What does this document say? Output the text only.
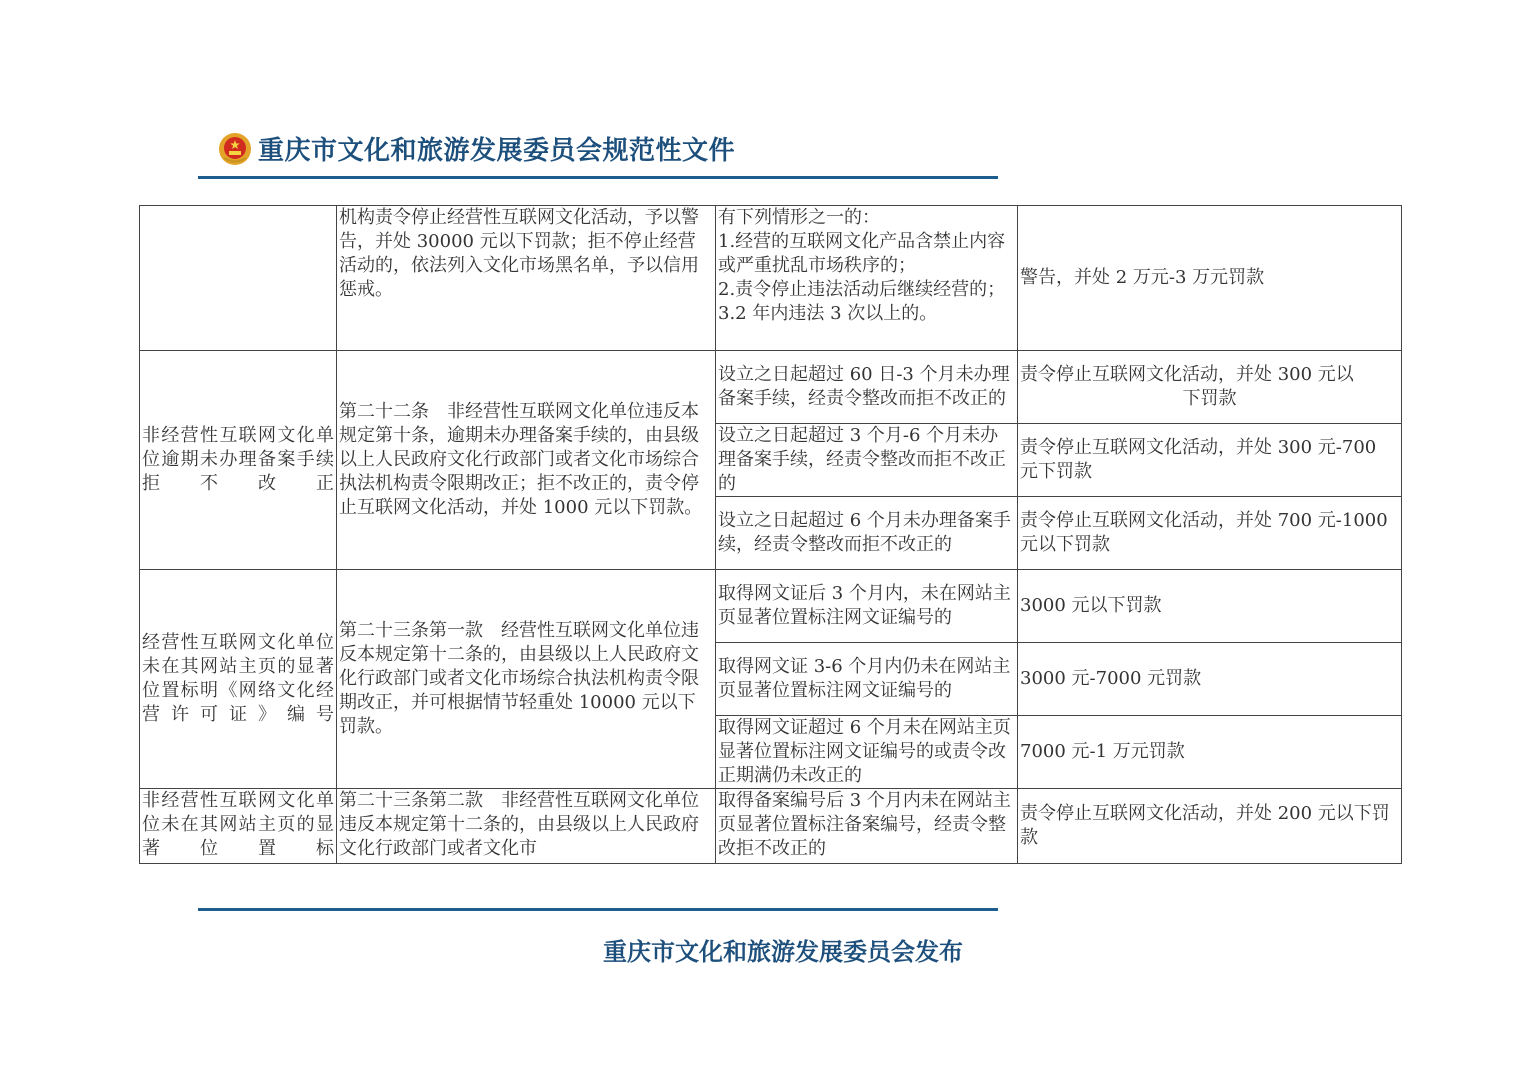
重庆市文化和旅游发展委员会规范性文件
	机构责令停止经营性互联网文化活动，予以警告，并处 30000 元以下罚款；拒不停止经营活动的，依法列入文化市场黑名单，予以信用惩戒。	有下列情形之一的：
1.经营的互联网文化产品含禁止内容或严重扰乱市场秩序的；
2.责令停止违法活动后继续经营的；
3.2 年内违法 3 次以上的。	警告，并处 2 万元-3 万元罚款
非经营性互联网文化单位逾期未办理备案手续拒不改正	第二十二条　非经营性互联网文化单位违反本规定第十条，逾期未办理备案手续的，由县级以上人民政府文化行政部门或者文化市场综合执法机构责令限期改正；拒不改正的，责令停止互联网文化活动，并处 1000 元以下罚款。	设立之日起超过 60 日-3 个月未办理备案手续，经责令整改而拒不改正的	责令停止互联网文化活动，并处 300 元以
下罚款

		设立之日起超过 3 个月-6 个月未办理备案手续，经责令整改而拒不改正的	责令停止互联网文化活动，并处 300 元-700 元下罚款
		设立之日起超过 6 个月未办理备案手续，经责令整改而拒不改正的	责令停止互联网文化活动，并处 700 元-1000 元以下罚款
经营性互联网文化单位未在其网站主页的显著位置标明《网络文化经营许可证》编号	第二十三条第一款　经营性互联网文化单位违反本规定第十二条的，由县级以上人民政府文化行政部门或者文化市场综合执法机构责令限期改正，并可根据情节轻重处 10000 元以下罚款。	取得网文证后 3 个月内，未在网站主页显著位置标注网文证编号的	3000 元以下罚款
		取得网文证 3-6 个月内仍未在网站主页显著位置标注网文证编号的	3000 元-7000 元罚款
		取得网文证超过 6 个月未在网站主页显著位置标注网文证编号的或责令改正期满仍未改正的	7000 元-1 万元罚款
非经营性互联网文化单位未在其网站主页的显著位置标	第二十三条第二款　非经营性互联网文化单位违反本规定第十二条的，由县级以上人民政府文化行政部门或者文化市	取得备案编号后 3 个月内未在网站主页显著位置标注备案编号，经责令整改拒不改正的	责令停止互联网文化活动，并处 200 元以下罚款
重庆市文化和旅游发展委员会发布
